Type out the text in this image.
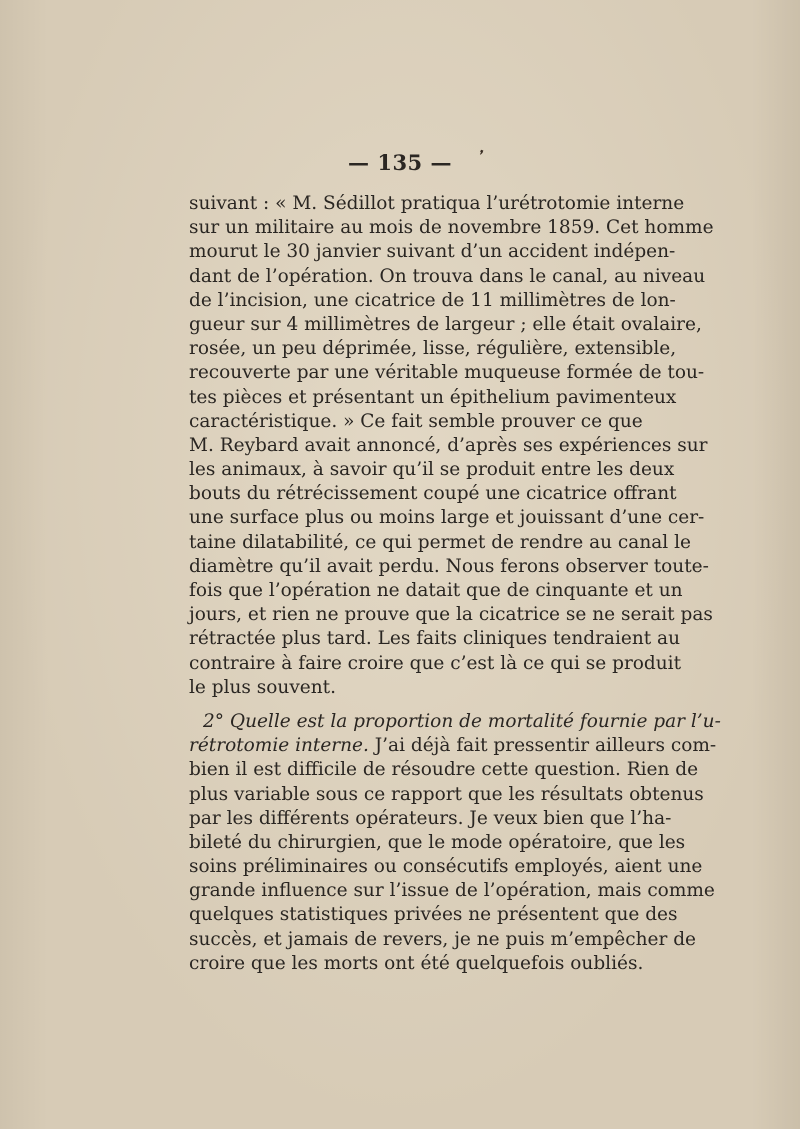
❜
— 135 —
suivant : « M. Sédillot pratiqua l’urétrotomie interne
sur un militaire au mois de novembre 1859. Cet homme
mourut le 30 janvier suivant d’un accident indépen-
dant de l’opération. On trouva dans le canal, au niveau
de l’incision, une cicatrice de 11 millimètres de lon-
gueur sur 4 millimètres de largeur ; elle était ovalaire,
rosée, un peu déprimée, lisse, régulière, extensible,
recouverte par une véritable muqueuse formée de tou-
tes pièces et présentant un épithelium pavimenteux
caractéristique. » Ce fait semble prouver ce que
M. Reybard avait annoncé, d’après ses expériences sur
les animaux, à savoir qu’il se produit entre les deux
bouts du rétrécissement coupé une cicatrice offrant
une surface plus ou moins large et jouissant d’une cer-
taine dilatabilité, ce qui permet de rendre au canal le
diamètre qu’il avait perdu. Nous ferons observer toute-
fois que l’opération ne datait que de cinquante et un
jours, et rien ne prouve que la cicatrice se ne serait pas
rétractée plus tard. Les faits cliniques tendraient au
contraire à faire croire que c’est là ce qui se produit
le plus souvent.
2° Quelle est la proportion de mortalité fournie par l’u-
rétrotomie interne. J’ai déjà fait pressentir ailleurs com-
bien il est difficile de résoudre cette question. Rien de
plus variable sous ce rapport que les résultats obtenus
par les différents opérateurs. Je veux bien que l’ha-
bileté du chirurgien, que le mode opératoire, que les
soins préliminaires ou consécutifs employés, aient une
grande influence sur l’issue de l’opération, mais comme
quelques statistiques privées ne présentent que des
succès, et jamais de revers, je ne puis m’empêcher de
croire que les morts ont été quelquefois oubliés.
